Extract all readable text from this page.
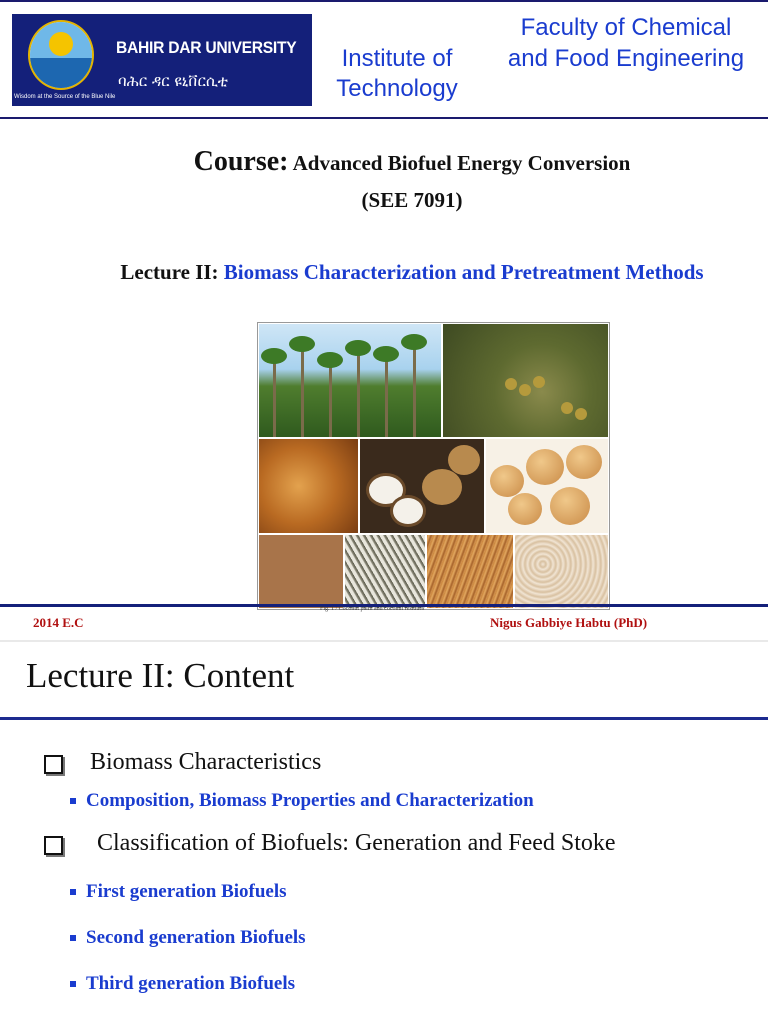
BAHIR DAR UNIVERSITY
ባሕር ዳር ዩኒቨርሲቲ
Wisdom at the Source of the Blue Nile
Institute of Technology
Faculty of Chemical and Food Engineering
Course: Advanced Biofuel Energy Conversion
(SEE 7091)
Lecture II: Biomass Characterization and Pretreatment Methods
Fig. 1 / Coconut palm and coconut residues
2014 E.C	Nigus Gabbiye Habtu (PhD)
Lecture II: Content
Biomass Characteristics
Composition, Biomass Properties and Characterization
Classification of Biofuels: Generation and Feed Stoke
First generation Biofuels
Second generation Biofuels
Third generation Biofuels
